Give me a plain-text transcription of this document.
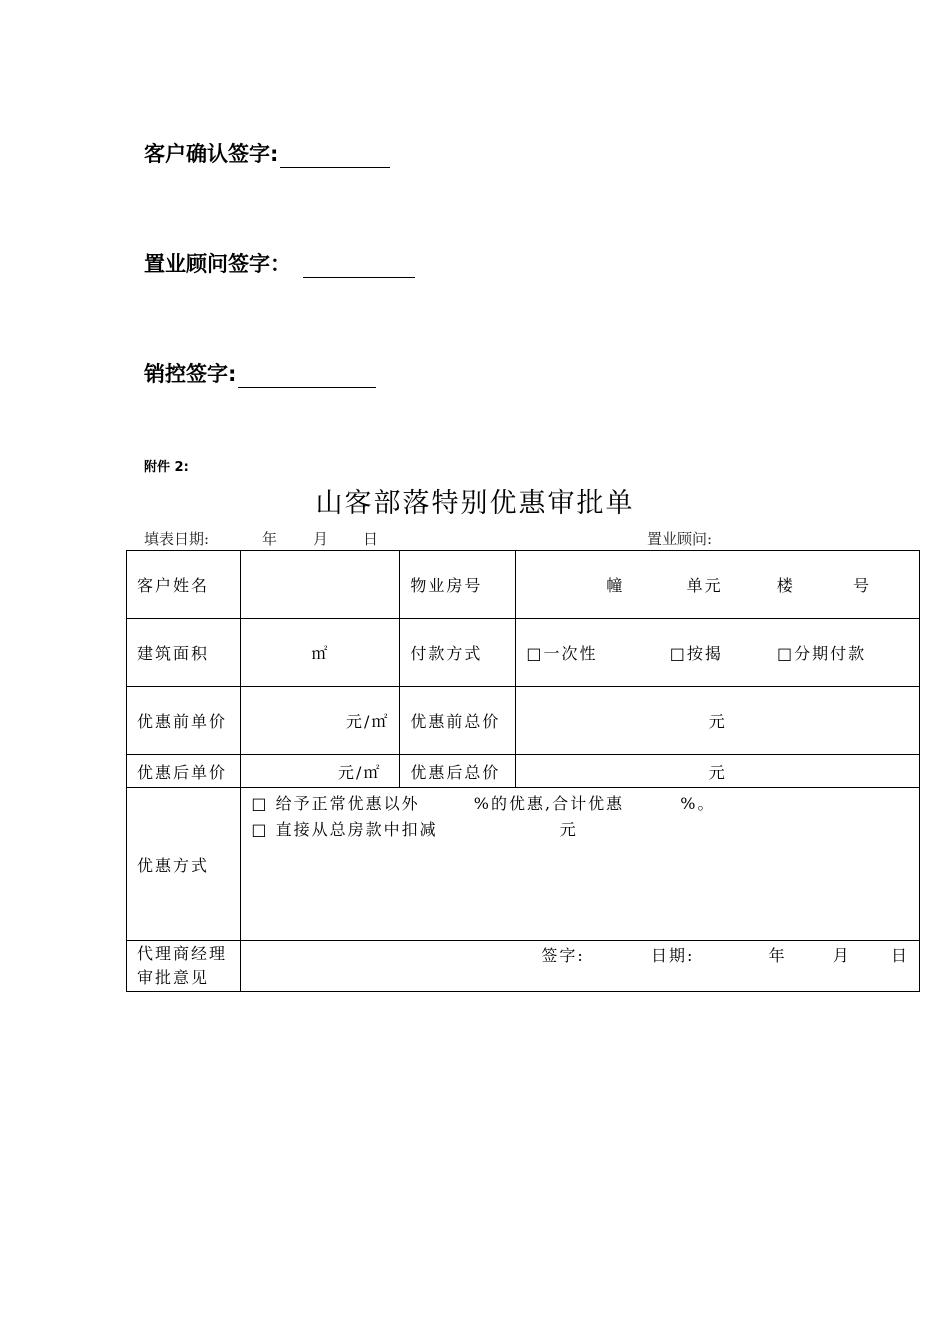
客户确认签字:
置业顾问签字：
销控签字:
附件 2:
山客部落特别优惠审批单
填表日期:	年 月 日	置业顾问:
客户姓名		物业房号	幢 单元 楼 号
建筑面积	㎡	付款方式	□一次性 □按揭 □分期付款
优惠前单价	元/㎡	优惠前总价	元
优惠后单价	元/㎡	优惠后总价	元
优惠方式	□ 给予正常优惠以外 %的优惠,合计优惠 %。
□ 直接从总房款中扣减 元		

代理商经理审批意见	签字: 日期: 年 月 日		
